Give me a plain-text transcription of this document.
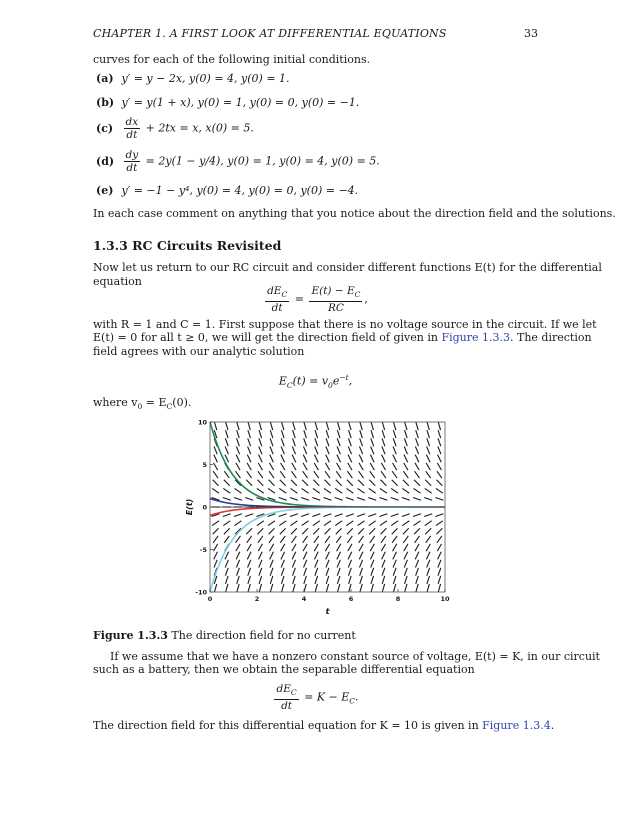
CHAPTER 1. A FIRST LOOK AT DIFFERENTIAL EQUATIONS	33
curves for each of the following initial conditions.
(a) y′ = y − 2x, y(0) = 4, y(0) = 1.
(b) y′ = y(1 + x), y(0) = 1, y(0) = 0, y(0) = −1.
$(c) \frac{dx}{dt} + 2tx = x$, x(0) = 5.
$(d) \frac{dy}{dt} = 2y(1 - y/4)$, y(0) = 1, y(0) = 4, y(0) = 5.
(e) y′ = −1 − y⁴, y(0) = 4, y(0) = 0, y(0) = −4.
In each case comment on anything that you notice about the direction field and the solutions.
1.3.3 RC Circuits Revisited
Now let us return to our RC circuit and consider different functions E(t) for the differential
equation
$\frac{dE_C}{dt} = \frac{E(t) - E_C}{RC}$ ,
with R = 1 and C = 1. First suppose that there is no voltage source in the circuit. If we let
E(t) = 0 for all t ≥ 0, we will get the direction field of given in Figure 1.3.3. The direction
field agrees with our analytic solution
$E_C(t) = v_0e^{-t}$,
where $v_0 = E_C(0)$.
0	2	4	6	8	10
10
5
0
-5
-10
t
E(t)
Figure 1.3.3 The direction field for no current
If we assume that we have a nonzero constant source of voltage, E(t) = K, in our circuit
such as a battery, then we obtain the separable differential equation
$\frac{dE_C}{dt} = K - E_C$.
The direction field for this differential equation for K = 10 is given in Figure 1.3.4.
